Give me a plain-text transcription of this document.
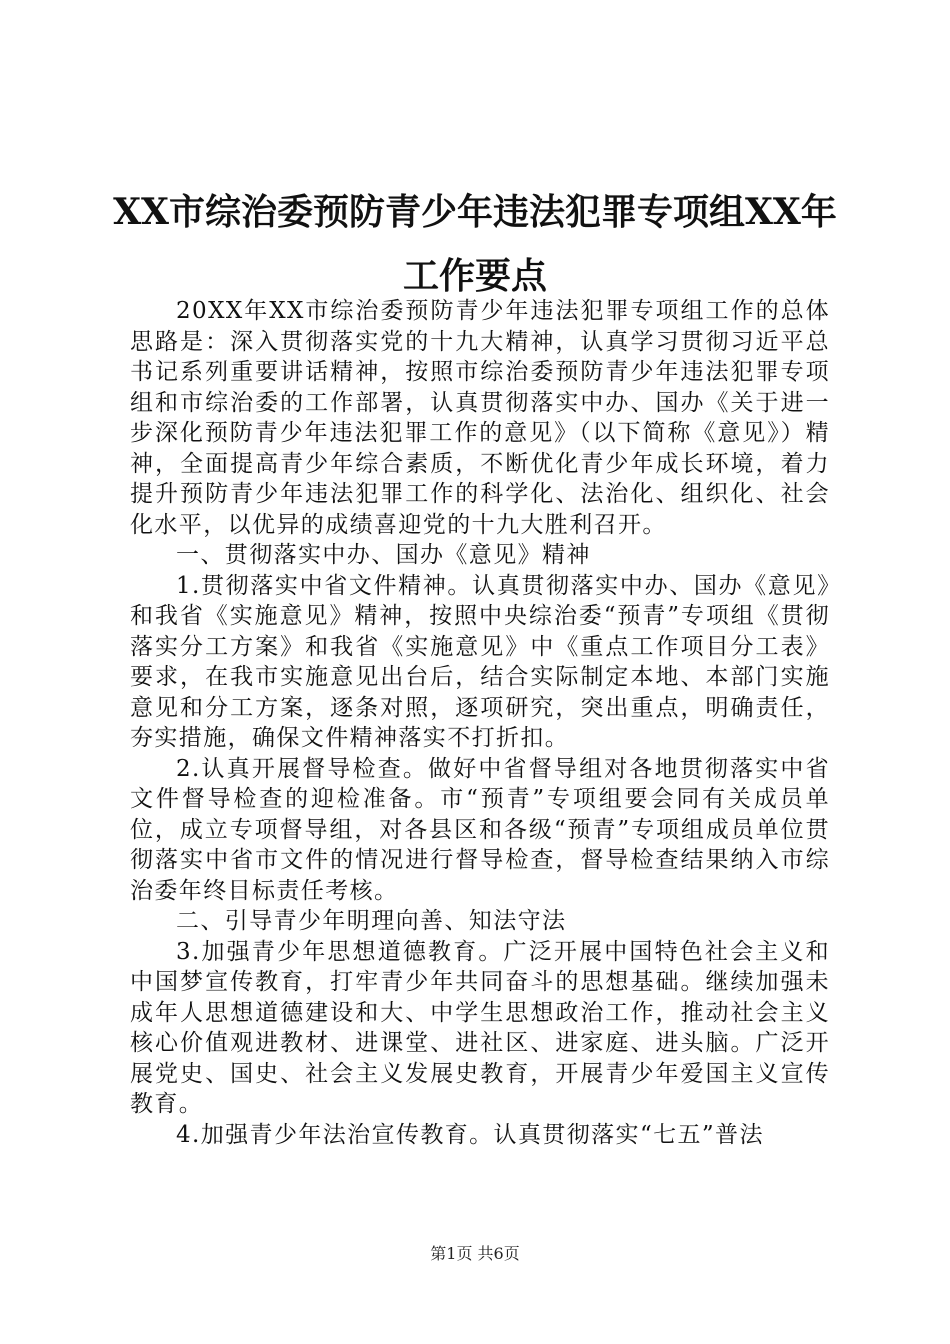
XX市综治委预防青少年违法犯罪专项组XX年工作要点

20XX年XX市综治委预防青少年违法犯罪专项组工作的总体思路是：深入贯彻落实党的十九大精神，认真学习贯彻习近平总书记系列重要讲话精神，按照市综治委预防青少年违法犯罪专项组和市综治委的工作部署，认真贯彻落实中办、国办《关于进一步深化预防青少年违法犯罪工作的意见》（以下简称《意见》）精神，全面提高青少年综合素质，不断优化青少年成长环境，着力提升预防青少年违法犯罪工作的科学化、法治化、组织化、社会化水平，以优异的成绩喜迎党的十九大胜利召开。

一、贯彻落实中办、国办《意见》精神

1.贯彻落实中省文件精神。认真贯彻落实中办、国办《意见》和我省《实施意见》精神，按照中央综治委“预青”专项组《贯彻落实分工方案》和我省《实施意见》中《重点工作项目分工表》要求，在我市实施意见出台后，结合实际制定本地、本部门实施意见和分工方案，逐条对照，逐项研究，突出重点，明确责任，夯实措施，确保文件精神落实不打折扣。

2.认真开展督导检查。做好中省督导组对各地贯彻落实中省文件督导检查的迎检准备。市“预青”专项组要会同有关成员单位，成立专项督导组，对各县区和各级“预青”专项组成员单位贯彻落实中省市文件的情况进行督导检查，督导检查结果纳入市综治委年终目标责任考核。

二、引导青少年明理向善、知法守法

3.加强青少年思想道德教育。广泛开展中国特色社会主义和中国梦宣传教育，打牢青少年共同奋斗的思想基础。继续加强未成年人思想道德建设和大、中学生思想政治工作，推动社会主义核心价值观进教材、进课堂、进社区、进家庭、进头脑。广泛开展党史、国史、社会主义发展史教育，开展青少年爱国主义宣传教育。

4.加强青少年法治宣传教育。认真贯彻落实“七五”普法

第1页 共6页
